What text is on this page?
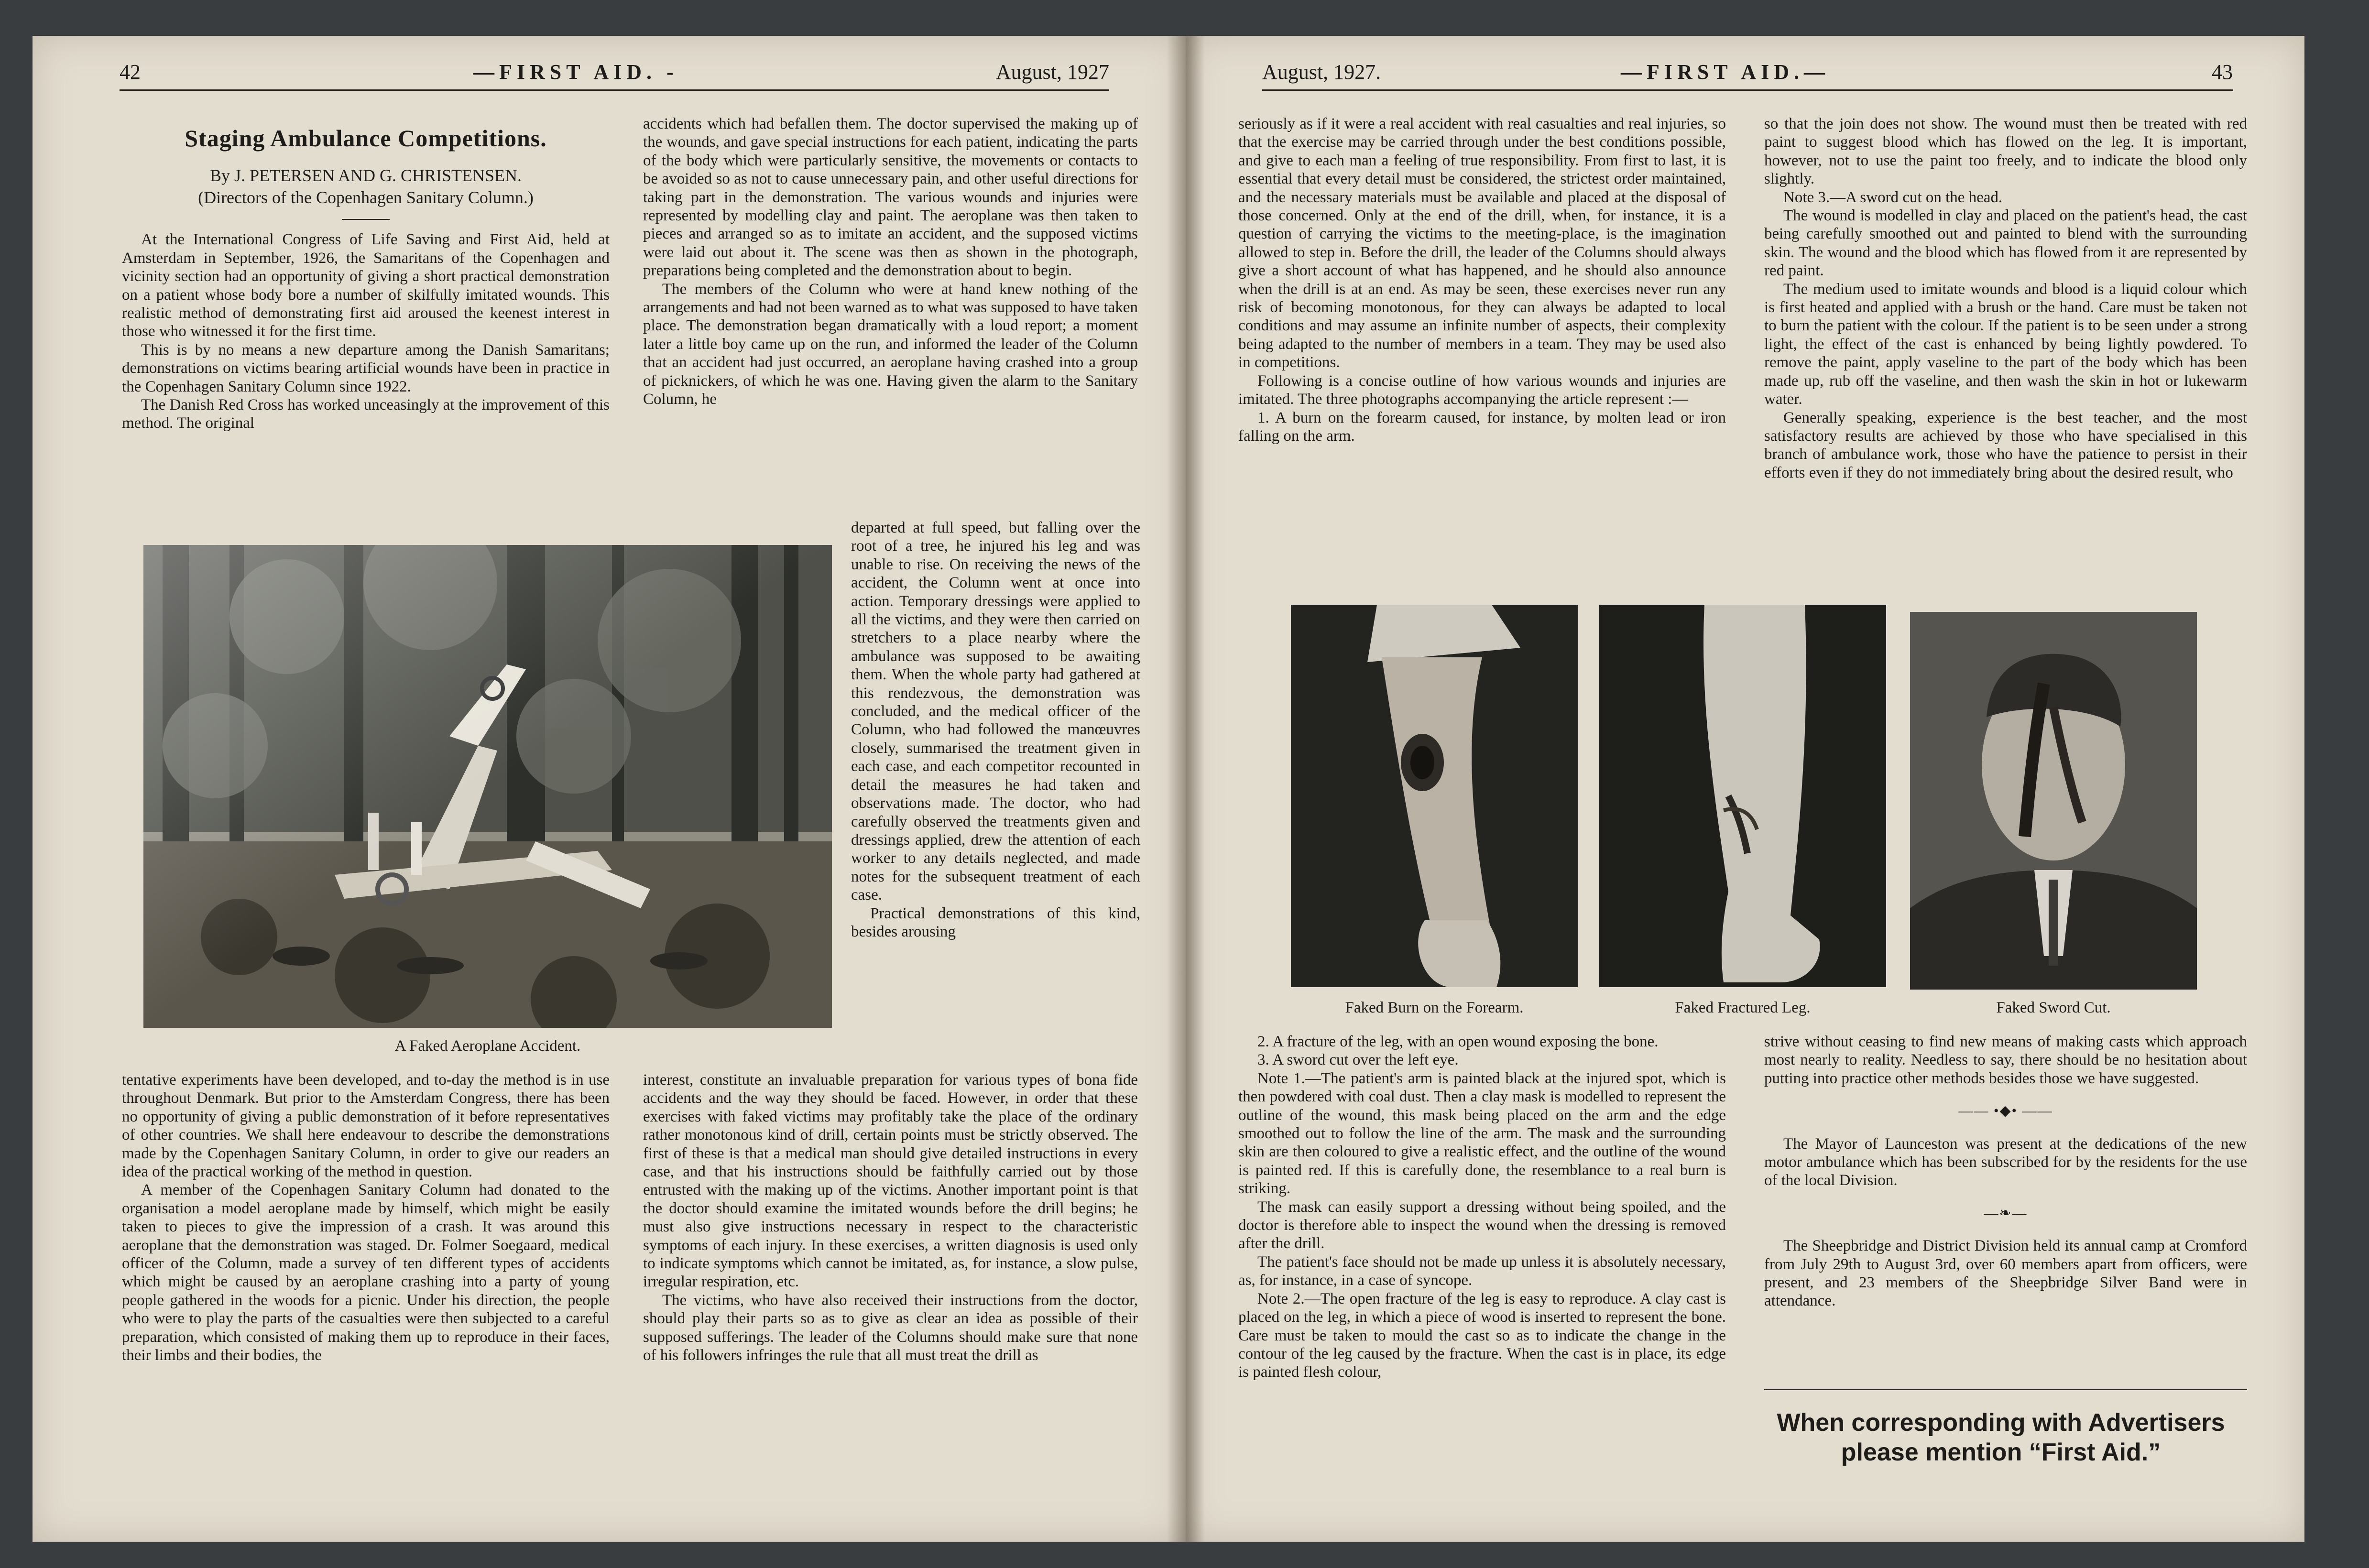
42	—FIRST AID. -	August, 1927	August, 1927.	—FIRST AID.—	43
Staging Ambulance Competitions.

By J. PETERSEN AND G. CHRISTENSEN.

(Directors of the Copenhagen Sanitary Column.)

At the International Congress of Life Saving and First Aid, held at Amsterdam in September, 1926, the Samaritans of the Copenhagen and vicinity section had an opportunity of giving a short practical demonstration on a patient whose body bore a number of skilfully imitated wounds. This realistic method of demonstrating first aid aroused the keenest interest in those who witnessed it for the first time.

This is by no means a new departure among the Danish Samaritans; demonstrations on victims bearing artificial wounds have been in practice in the Copenhagen Sanitary Column since 1922.

The Danish Red Cross has worked unceasingly at the improvement of this method. The original

accidents which had befallen them. The doctor supervised the making up of the wounds, and gave special instructions for each patient, indicating the parts of the body which were particularly sensitive, the movements or contacts to be avoided so as not to cause unnecessary pain, and other useful directions for taking part in the demonstration. The various wounds and injuries were represented by modelling clay and paint. The aeroplane was then taken to pieces and arranged so as to imitate an accident, and the supposed victims were laid out about it. The scene was then as shown in the photograph, preparations being completed and the demonstration about to begin.

The members of the Column who were at hand knew nothing of the arrangements and had not been warned as to what was supposed to have taken place. The demonstration began dramatically with a loud report; a moment later a little boy came up on the run, and informed the leader of the Column that an accident had just occurred, an aeroplane having crashed into a group of picknickers, of which he was one. Having given the alarm to the Sanitary Column, he

departed at full speed, but falling over the root of a tree, he injured his leg and was unable to rise. On receiving the news of the accident, the Column went at once into action. Temporary dressings were applied to all the victims, and they were then carried on stretchers to a place nearby where the ambulance was supposed to be awaiting them. When the whole party had gathered at this rendezvous, the demonstration was concluded, and the medical officer of the Column, who had followed the manœuvres closely, summarised the treatment given in each case, and each competitor recounted in detail the measures he had taken and observations made. The doctor, who had carefully observed the treatments given and dressings applied, drew the attention of each worker to any details neglected, and made notes for the subsequent treatment of each case.

Practical demonstrations of this kind, besides arousing

A Faked Aeroplane Accident.

tentative experiments have been developed, and to-day the method is in use throughout Denmark. But prior to the Amsterdam Congress, there has been no opportunity of giving a public demonstration of it before representatives of other countries. We shall here endeavour to describe the demonstrations made by the Copenhagen Sanitary Column, in order to give our readers an idea of the practical working of the method in question.

A member of the Copenhagen Sanitary Column had donated to the organisation a model aeroplane made by himself, which might be easily taken to pieces to give the impression of a crash. It was around this aeroplane that the demonstration was staged. Dr. Folmer Soegaard, medical officer of the Column, made a survey of ten different types of accidents which might be caused by an aeroplane crashing into a party of young people gathered in the woods for a picnic. Under his direction, the people who were to play the parts of the casualties were then subjected to a careful preparation, which consisted of making them up to reproduce in their faces, their limbs and their bodies, the

interest, constitute an invaluable preparation for various types of bona fide accidents and the way they should be faced. However, in order that these exercises with faked victims may profitably take the place of the ordinary rather monotonous kind of drill, certain points must be strictly observed. The first of these is that a medical man should give detailed instructions in every case, and that his instructions should be faithfully carried out by those entrusted with the making up of the victims. Another important point is that the doctor should examine the imitated wounds before the drill begins; he must also give instructions necessary in respect to the characteristic symptoms of each injury. In these exercises, a written diagnosis is used only to indicate symptoms which cannot be imitated, as, for instance, a slow pulse, irregular respiration, etc.

The victims, who have also received their instructions from the doctor, should play their parts so as to give as clear an idea as possible of their supposed sufferings. The leader of the Columns should make sure that none of his followers infringes the rule that all must treat the drill as

seriously as if it were a real accident with real casualties and real injuries, so that the exercise may be carried through under the best conditions possible, and give to each man a feeling of true responsibility. From first to last, it is essential that every detail must be considered, the strictest order maintained, and the necessary materials must be available and placed at the disposal of those concerned. Only at the end of the drill, when, for instance, it is a question of carrying the victims to the meeting-place, is the imagination allowed to step in. Before the drill, the leader of the Columns should always give a short account of what has happened, and he should also announce when the drill is at an end. As may be seen, these exercises never run any risk of becoming monotonous, for they can always be adapted to local conditions and may assume an infinite number of aspects, their complexity being adapted to the number of members in a team. They may be used also in competitions.

Following is a concise outline of how various wounds and injuries are imitated. The three photographs accompanying the article represent :—

1. A burn on the forearm caused, for instance, by molten lead or iron falling on the arm.

so that the join does not show. The wound must then be treated with red paint to suggest blood which has flowed on the leg. It is important, however, not to use the paint too freely, and to indicate the blood only slightly.

Note 3.—A sword cut on the head.

The wound is modelled in clay and placed on the patient's head, the cast being carefully smoothed out and painted to blend with the surrounding skin. The wound and the blood which has flowed from it are represented by red paint.

The medium used to imitate wounds and blood is a liquid colour which is first heated and applied with a brush or the hand. Care must be taken not to burn the patient with the colour. If the patient is to be seen under a strong light, the effect of the cast is enhanced by being lightly powdered. To remove the paint, apply vaseline to the part of the body which has been made up, rub off the vaseline, and then wash the skin in hot or lukewarm water.

Generally speaking, experience is the best teacher, and the most satisfactory results are achieved by those who have specialised in this branch of ambulance work, those who have the patience to persist in their efforts even if they do not immediately bring about the desired result, who

Faked Burn on the Forearm.	Faked Fractured Leg.	Faked Sword Cut.

2. A fracture of the leg, with an open wound exposing the bone.

3. A sword cut over the left eye.

Note 1.—The patient's arm is painted black at the injured spot, which is then powdered with coal dust. Then a clay mask is modelled to represent the outline of the wound, this mask being placed on the arm and the edge smoothed out to follow the line of the arm. The mask and the surrounding skin are then coloured to give a realistic effect, and the outline of the wound is painted red. If this is carefully done, the resemblance to a real burn is striking.

The mask can easily support a dressing without being spoiled, and the doctor is therefore able to inspect the wound when the dressing is removed after the drill.

The patient's face should not be made up unless it is absolutely necessary, as, for instance, in a case of syncope.

Note 2.—The open fracture of the leg is easy to reproduce. A clay cast is placed on the leg, in which a piece of wood is inserted to represent the bone. Care must be taken to mould the cast so as to indicate the change in the contour of the leg caused by the fracture. When the cast is in place, its edge is painted flesh colour,

strive without ceasing to find new means of making casts which approach most nearly to reality. Needless to say, there should be no hesitation about putting into practice other methods besides those we have suggested.

—— •◆• ——

The Mayor of Launceston was present at the dedications of the new motor ambulance which has been subscribed for by the residents for the use of the local Division.

—❧—

The Sheepbridge and District Division held its annual camp at Cromford from July 29th to August 3rd, over 60 members apart from officers, were present, and 23 members of the Sheepbridge Silver Band were in attendance.

When corresponding with Advertisers please mention “First Aid.”
